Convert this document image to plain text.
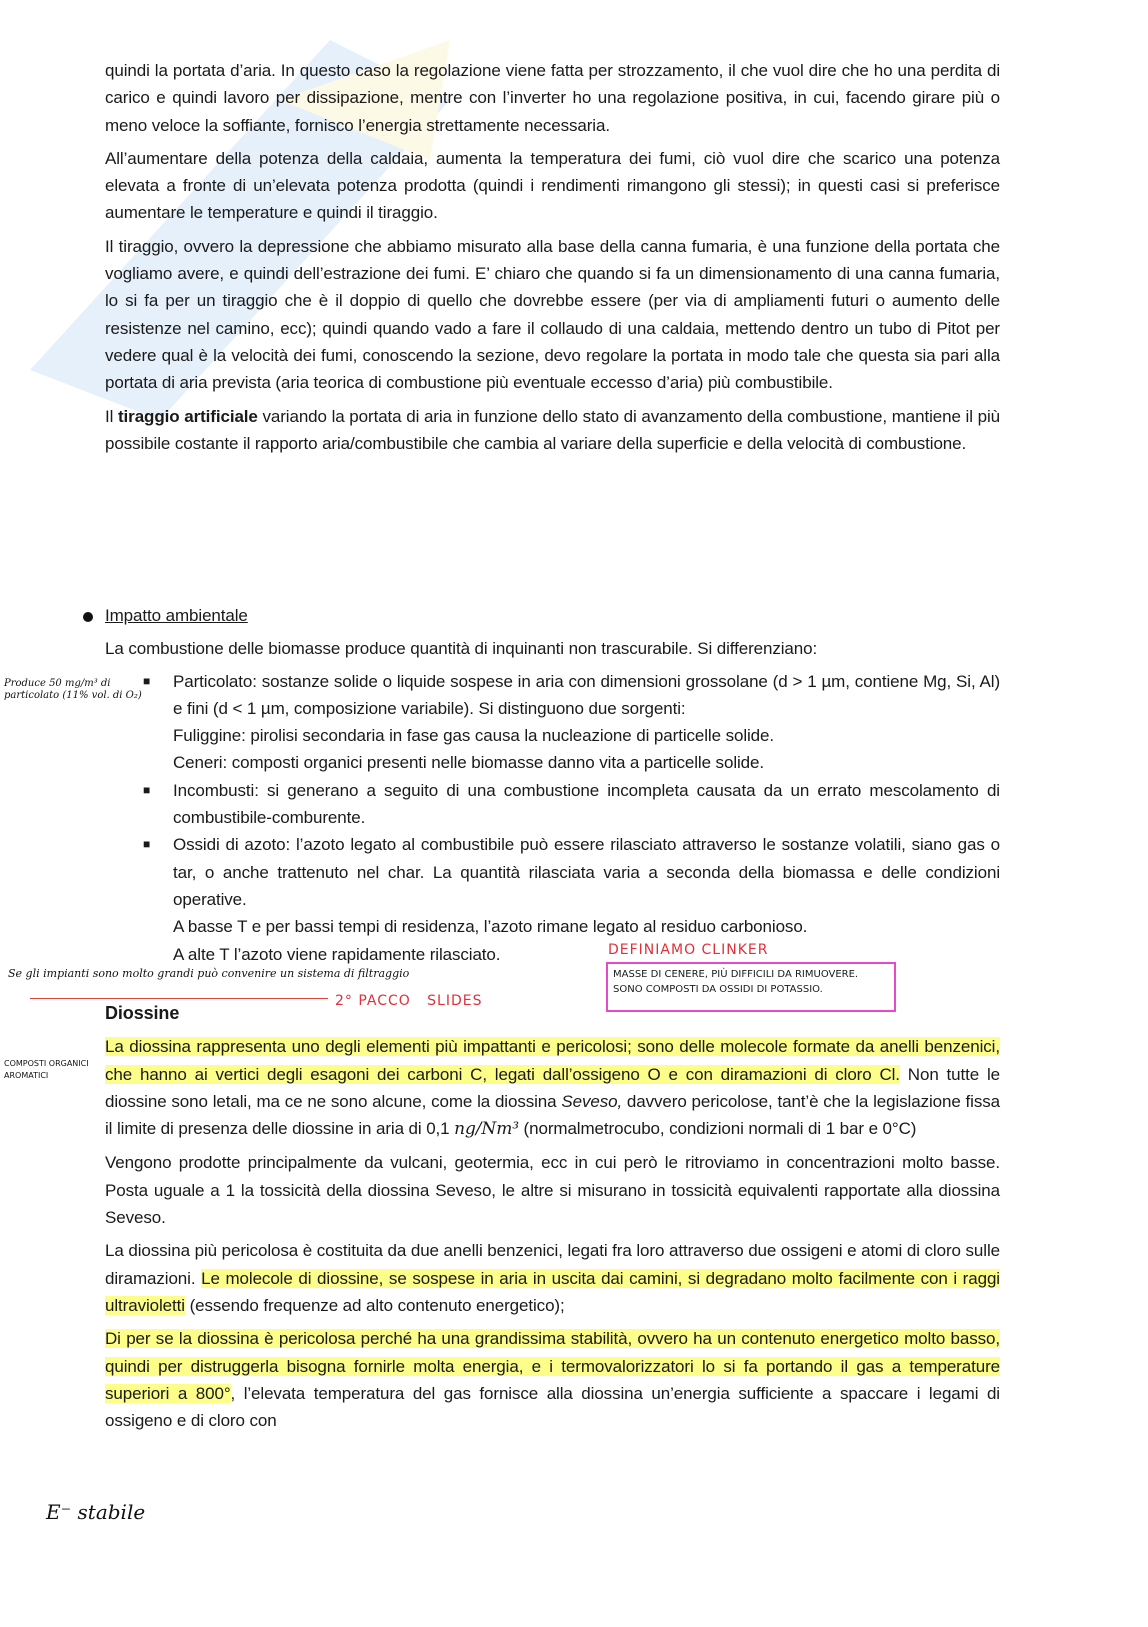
quindi la portata d’aria. In questo caso la regolazione viene fatta per strozzamento, il che vuol dire che ho una perdita di carico e quindi lavoro per dissipazione, mentre con l’inverter ho una regolazione positiva, in cui, facendo girare più o meno veloce la soffiante, fornisco l’energia strettamente necessaria.

All’aumentare della potenza della caldaia, aumenta la temperatura dei fumi, ciò vuol dire che scarico una potenza elevata a fronte di un’elevata potenza prodotta (quindi i rendimenti rimangono gli stessi); in questi casi si preferisce aumentare le temperature e quindi il tiraggio.

Il tiraggio, ovvero la depressione che abbiamo misurato alla base della canna fumaria, è una funzione della portata che vogliamo avere, e quindi dell’estrazione dei fumi. E’ chiaro che quando si fa un dimensionamento di una canna fumaria, lo si fa per un tiraggio che è il doppio di quello che dovrebbe essere (per via di ampliamenti futuri o aumento delle resistenze nel camino, ecc); quindi quando vado a fare il collaudo di una caldaia, mettendo dentro un tubo di Pitot per vedere qual è la velocità dei fumi, conoscendo la sezione, devo regolare la portata in modo tale che questa sia pari alla portata di aria prevista (aria teorica di combustione più eventuale eccesso d’aria) più combustibile.

Il tiraggio artificiale variando la portata di aria in funzione dello stato di avanzamento della combustione, mantiene il più possibile costante il rapporto aria/combustibile che cambia al variare della superficie e della velocità di combustione.

Impatto ambientale

La combustione delle biomasse produce quantità di inquinanti non trascurabile. Si differenziano:

■ Particolato: sostanze solide o liquide sospese in aria con dimensioni grossolane (d > 1 µm, contiene Mg, Si, Al) e fini (d < 1 µm, composizione variabile). Si distinguono due sorgenti:
Fuliggine: pirolisi secondaria in fase gas causa la nucleazione di particelle solide.
Ceneri: composti organici presenti nelle biomasse danno vita a particelle solide.
■ Incombusti: si generano a seguito di una combustione incompleta causata da un errato mescolamento di combustibile-comburente.
■ Ossidi di azoto: l’azoto legato al combustibile può essere rilasciato attraverso le sostanze volatili, siano gas o tar, o anche trattenuto nel char. La quantità rilasciata varia a seconda della biomassa e delle condizioni operative.
A basse T e per bassi tempi di residenza, l’azoto rimane legato al residuo carbonioso.
A alte T l’azoto viene rapidamente rilasciato.

Diossine

La diossina rappresenta uno degli elementi più impattanti e pericolosi; sono delle molecole formate da anelli benzenici, che hanno ai vertici degli esagoni dei carboni C, legati dall’ossigeno O e con diramazioni di cloro Cl. Non tutte le diossine sono letali, ma ce ne sono alcune, come la diossina Seveso, davvero pericolose, tant’è che la legislazione fissa il limite di presenza delle diossine in aria di 0,1 ng/Nm³ (normalmetrocubo, condizioni normali di 1 bar e 0°C)

Vengono prodotte principalmente da vulcani, geotermia, ecc in cui però le ritroviamo in concentrazioni molto basse. Posta uguale a 1 la tossicità della diossina Seveso, le altre si misurano in tossicità equivalenti rapportate alla diossina Seveso.

La diossina più pericolosa è costituita da due anelli benzenici, legati fra loro attraverso due ossigeni e atomi di cloro sulle diramazioni. Le molecole di diossine, se sospese in aria in uscita dai camini, si degradano molto facilmente con i raggi ultravioletti (essendo frequenze ad alto contenuto energetico);

Di per se la diossina è pericolosa perché ha una grandissima stabilità, ovvero ha un contenuto energetico molto basso, quindi per distruggerla bisogna fornirle molta energia, e i termovalorizzatori lo si fa portando il gas a temperature superiori a 800°, l’elevata temperatura del gas fornisce alla diossina un’energia sufficiente a spaccare i legami di ossigeno e di cloro con

Produce 50 mg/m³ di particolato (11% vol. di O₂)
Se gli impianti sono molto grandi può convenire un sistema di filtraggio
2° PACCO   SLIDES
DEFINIAMO CLINKER
MASSE DI CENERE, PIÙ DIFFICILI DA RIMUOVERE. SONO COMPOSTI DA OSSIDI DI POTASSIO.
COMPOSTI ORGANICI AROMATICI
E⁻ stabile
